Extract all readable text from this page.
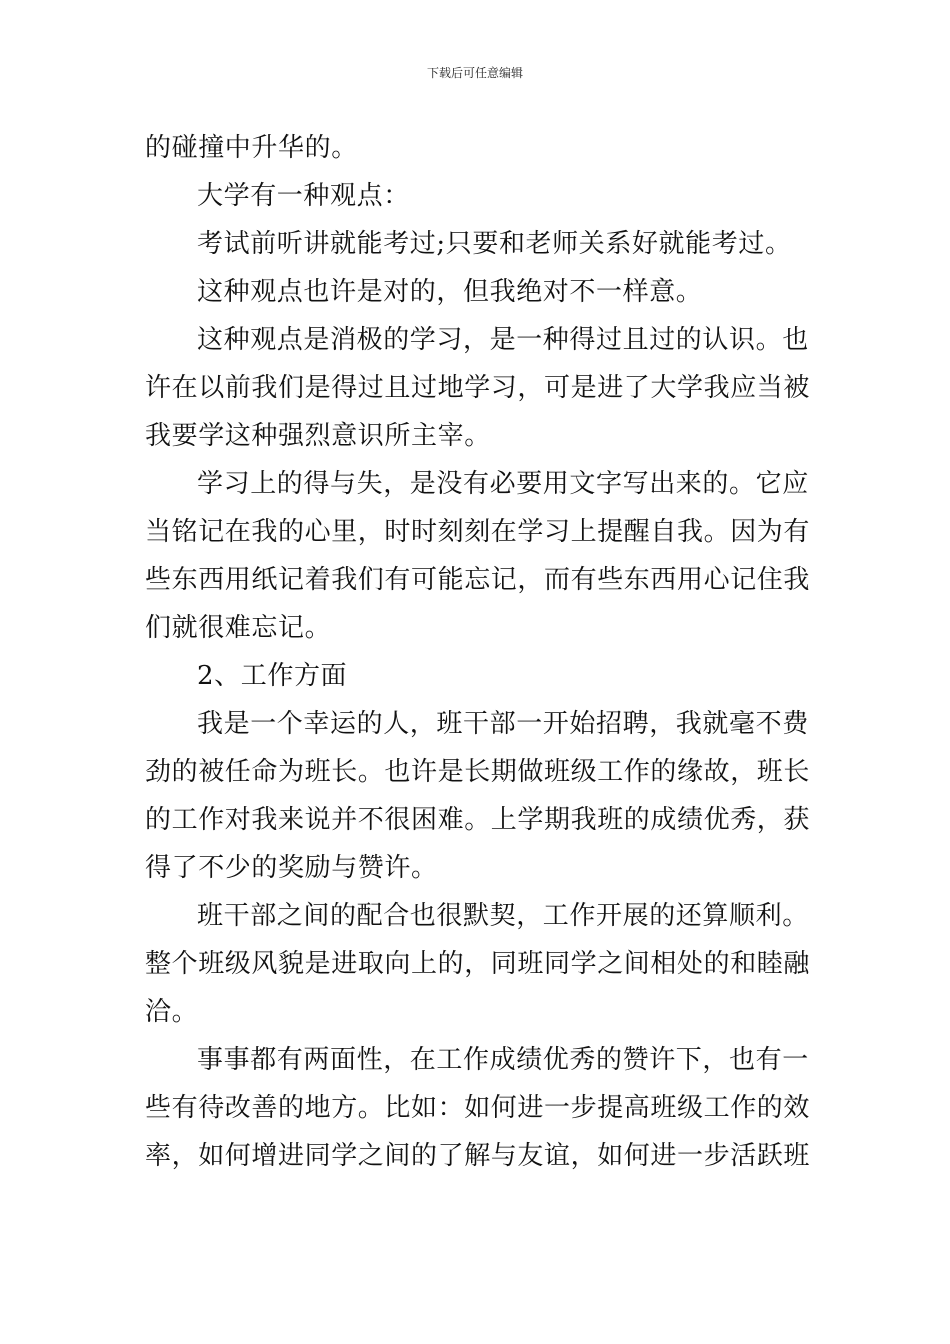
下载后可任意编辑

的碰撞中升华的。

大学有一种观点：

考试前听讲就能考过;只要和老师关系好就能考过。

这种观点也许是对的，但我绝对不一样意。

这种观点是消极的学习，是一种得过且过的认识。也
许在以前我们是得过且过地学习，可是进了大学我应当被
我要学这种强烈意识所主宰。

学习上的得与失，是没有必要用文字写出来的。它应
当铭记在我的心里，时时刻刻在学习上提醒自我。因为有
些东西用纸记着我们有可能忘记，而有些东西用心记住我
们就很难忘记。

2、工作方面

我是一个幸运的人，班干部一开始招聘，我就毫不费
劲的被任命为班长。也许是长期做班级工作的缘故，班长
的工作对我来说并不很困难。上学期我班的成绩优秀，获
得了不少的奖励与赞许。

班干部之间的配合也很默契，工作开展的还算顺利。
整个班级风貌是进取向上的，同班同学之间相处的和睦融
洽。

事事都有两面性，在工作成绩优秀的赞许下，也有一
些有待改善的地方。比如：如何进一步提高班级工作的效
率，如何增进同学之间的了解与友谊，如何进一步活跃班
